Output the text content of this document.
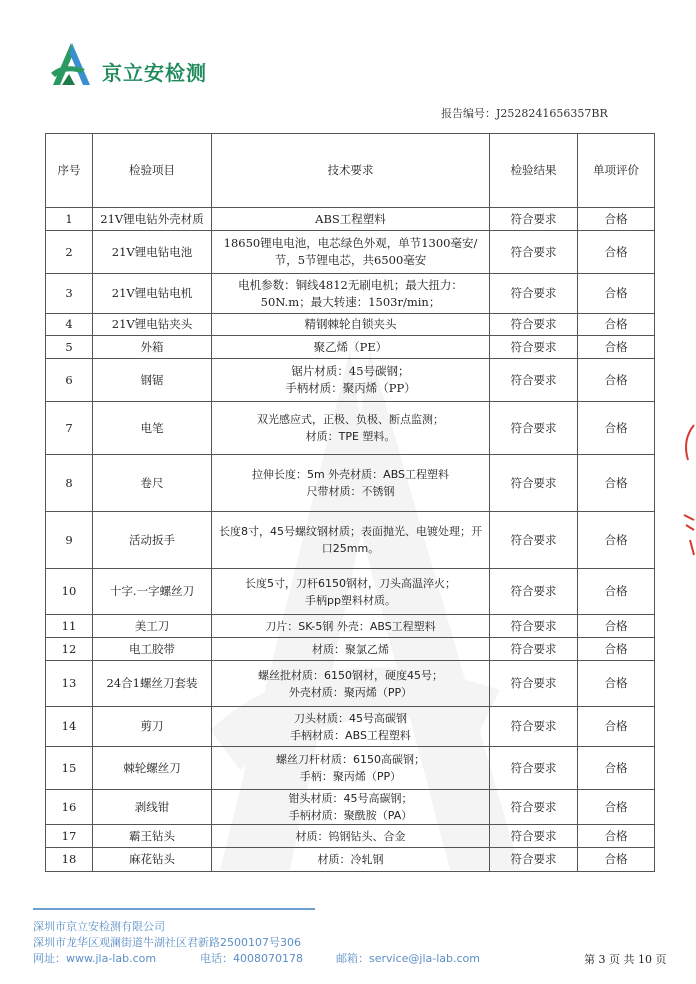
京立安检测
报告编号：J2528241656357BR
序号	检验项目	技术要求	检验结果	单项评价
1	21V锂电钻外壳材质	ABS工程塑料	符合要求	合格
2	21V锂电钻电池	18650锂电电池，电芯绿色外观，单节1300毫安/
节，5节锂电芯，共6500毫安	符合要求	合格
3	21V锂电钻电机	电机参数：铜线4812无刷电机；最大扭力：
50N.m；最大转速：1503r/min；	符合要求	合格
4	21V锂电钻夹头	精钢棘轮自锁夹头	符合要求	合格
5	外箱	聚乙烯（PE）	符合要求	合格
6	钢锯	锯片材质：45号碳钢；
手柄材质：聚丙烯（PP）	符合要求	合格
7	电笔	双光感应式，正极、负极、断点监测；
材质：TPE 塑料。	符合要求	合格
8	卷尺	拉伸长度：5m 外壳材质：ABS工程塑料
尺带材质：不锈钢	符合要求	合格
9	活动扳手	长度8寸，45号螺纹钢材质；表面抛光、电镀处理；开
口25mm。	符合要求	合格
10	十字.一字螺丝刀	长度5寸，刀杆6150钢材，刀头高温淬火；
手柄pp塑料材质。	符合要求	合格
11	美工刀	刀片：SK-5钢 外壳：ABS工程塑料	符合要求	合格
12	电工胶带	材质：聚氯乙烯	符合要求	合格
13	24合1螺丝刀套装	螺丝批材质：6150钢材，硬度45号；
外壳材质：聚丙烯（PP）	符合要求	合格
14	剪刀	刀头材质：45号高碳钢
手柄材质：ABS工程塑料	符合要求	合格
15	棘轮螺丝刀	螺丝刀杆材质：6150高碳钢；
手柄：聚丙烯（PP）	符合要求	合格
16	剥线钳	钳头材质：45号高碳钢；
手柄材质：聚酰胺（PA）	符合要求	合格
17	霸王钻头	材质：钨钢钻头、合金	符合要求	合格
18	麻花钻头	材质：冷轧钢	符合要求	合格
深圳市京立安检测有限公司
深圳市龙华区观澜街道牛湖社区君新路2500107号306
网址：www.jla-lab.com	电话：4008070178	邮箱：service@jla-lab.com	第 3 页 共 10 页
